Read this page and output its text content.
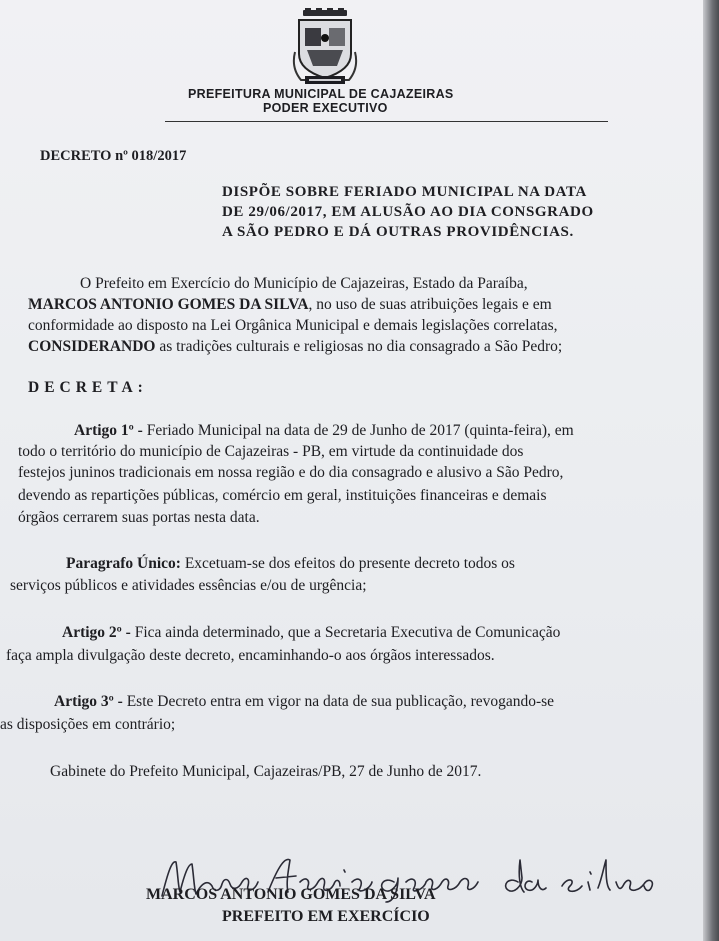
PREFEITURA MUNICIPAL DE CAJAZEIRAS
PODER EXECUTIVO
DECRETO nº 018/2017
DISPÕE SOBRE FERIADO MUNICIPAL NA DATA
DE 29/06/2017, EM ALUSÃO AO DIA CONSGRADO
A SÃO PEDRO E DÁ OUTRAS PROVIDÊNCIAS.
O Prefeito em Exercício do Município de Cajazeiras, Estado da Paraíba,
MARCOS ANTONIO GOMES DA SILVA, no uso de suas atribuições legais e em
conformidade ao disposto na Lei Orgânica Municipal e demais legislações correlatas,
CONSIDERANDO as tradições culturais e religiosas no dia consagrado a São Pedro;
DECRETA:
Artigo 1º - Feriado Municipal na data de 29 de Junho de 2017 (quinta-feira), em
todo o território do município de Cajazeiras - PB, em virtude da continuidade dos
festejos juninos tradicionais em nossa região e do dia consagrado e alusivo a São Pedro,
devendo as repartições públicas, comércio em geral, instituições financeiras e demais
órgãos cerrarem suas portas nesta data.
Paragrafo Único: Excetuam-se dos efeitos do presente decreto todos os
serviços públicos e atividades essências e/ou de urgência;
Artigo 2º - Fica ainda determinado, que a Secretaria Executiva de Comunicação
faça ampla divulgação deste decreto, encaminhando-o aos órgãos interessados.
Artigo 3º - Este Decreto entra em vigor na data de sua publicação, revogando-se
as disposições em contrário;
Gabinete do Prefeito Municipal, Cajazeiras/PB, 27 de Junho de 2017.
MARCOS ANTONIO GOMES DA SILVA
PREFEITO EM EXERCÍCIO
